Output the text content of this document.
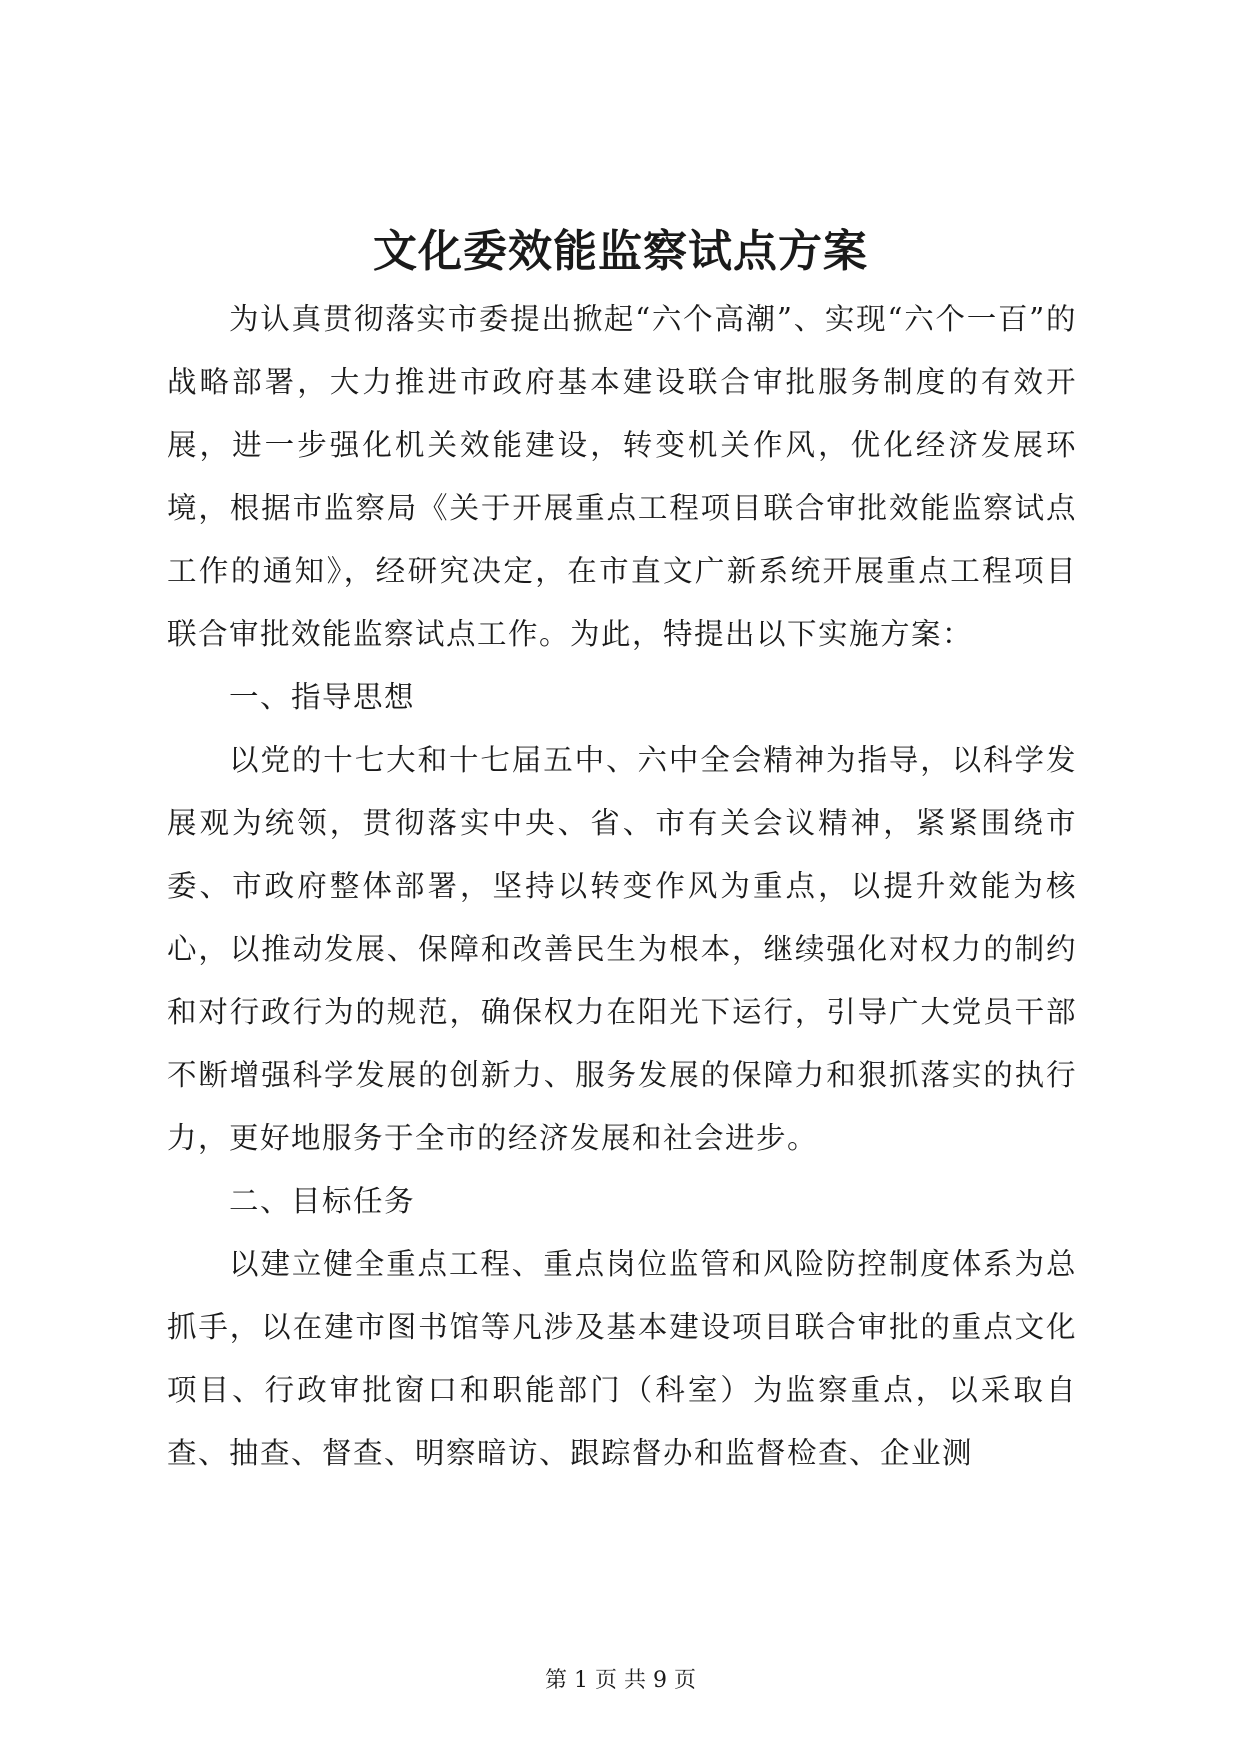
文化委效能监察试点方案

为认真贯彻落实市委提出掀起“六个高潮”、实现“六个一百”的战略部署，大力推进市政府基本建设联合审批服务制度的有效开展，进一步强化机关效能建设，转变机关作风，优化经济发展环境，根据市监察局《关于开展重点工程项目联合审批效能监察试点工作的通知》，经研究决定，在市直文广新系统开展重点工程项目联合审批效能监察试点工作。为此，特提出以下实施方案：

一、指导思想

以党的十七大和十七届五中、六中全会精神为指导，以科学发展观为统领，贯彻落实中央、省、市有关会议精神，紧紧围绕市委、市政府整体部署，坚持以转变作风为重点，以提升效能为核心，以推动发展、保障和改善民生为根本，继续强化对权力的制约和对行政行为的规范，确保权力在阳光下运行，引导广大党员干部不断增强科学发展的创新力、服务发展的保障力和狠抓落实的执行力，更好地服务于全市的经济发展和社会进步。

二、目标任务

以建立健全重点工程、重点岗位监管和风险防控制度体系为总抓手，以在建市图书馆等凡涉及基本建设项目联合审批的重点文化项目、行政审批窗口和职能部门（科室）为监察重点，以采取自查、抽查、督查、明察暗访、跟踪督办和监督检查、企业测

第 1 页 共 9 页
